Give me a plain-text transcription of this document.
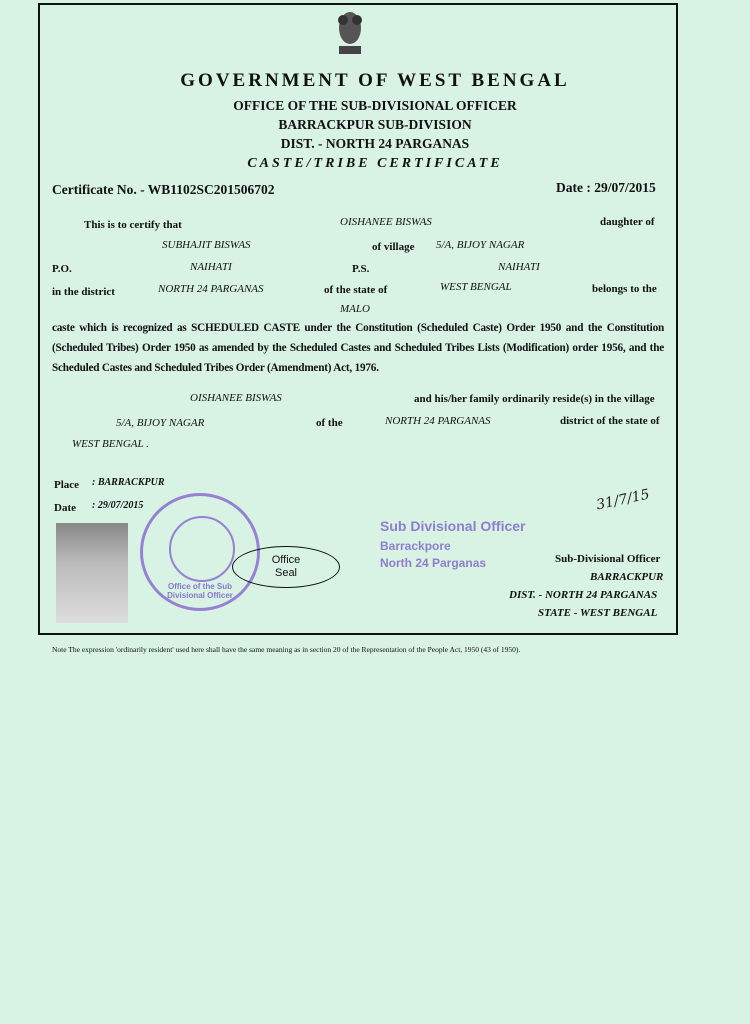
GOVERNMENT OF WEST BENGAL
OFFICE OF THE SUB-DIVISIONAL OFFICER
BARRACKPUR SUB-DIVISION
DIST. - NORTH 24 PARGANAS
CASTE/TRIBE CERTIFICATE
Certificate No. - WB1102SC201506702	Date : 29/07/2015
This is to certify that	OISHANEE BISWAS	daughter of
SUBHAJIT BISWAS	of village 5/A, BIJOY NAGAR
P.O.	NAIHATI	P.S.	NAIHATI
in the district	NORTH 24 PARGANAS	of the state of	WEST BENGAL	belongs to the
MALO
caste which is recognized as SCHEDULED CASTE under the Constitution (Scheduled Caste) Order 1950 and the Constitution (Scheduled Tribes) Order 1950 as amended by the Scheduled Castes and Scheduled Tribes Lists (Modification) order 1956, and the Scheduled Castes and Scheduled Tribes Order (Amendment) Act, 1976.
OISHANEE BISWAS	and his/her family ordinarily reside(s) in the village
5/A, BIJOY NAGAR	of the	NORTH 24 PARGANAS	district of the state of
WEST BENGAL .
Place : BARRACKPUR
Date : 29/07/2015
Office of the Sub Divisional Officer
Office
Seal
31/7/15
Sub Divisional Officer
Barrackpore
North 24 Parganas	Sub-Divisional Officer
BARRACKPUR
DIST. - NORTH 24 PARGANAS
STATE - WEST BENGAL
Note The expression 'ordinarily resident' used here shall have the same meaning as in section 20 of the Representation of the People Act, 1950 (43 of 1950).
